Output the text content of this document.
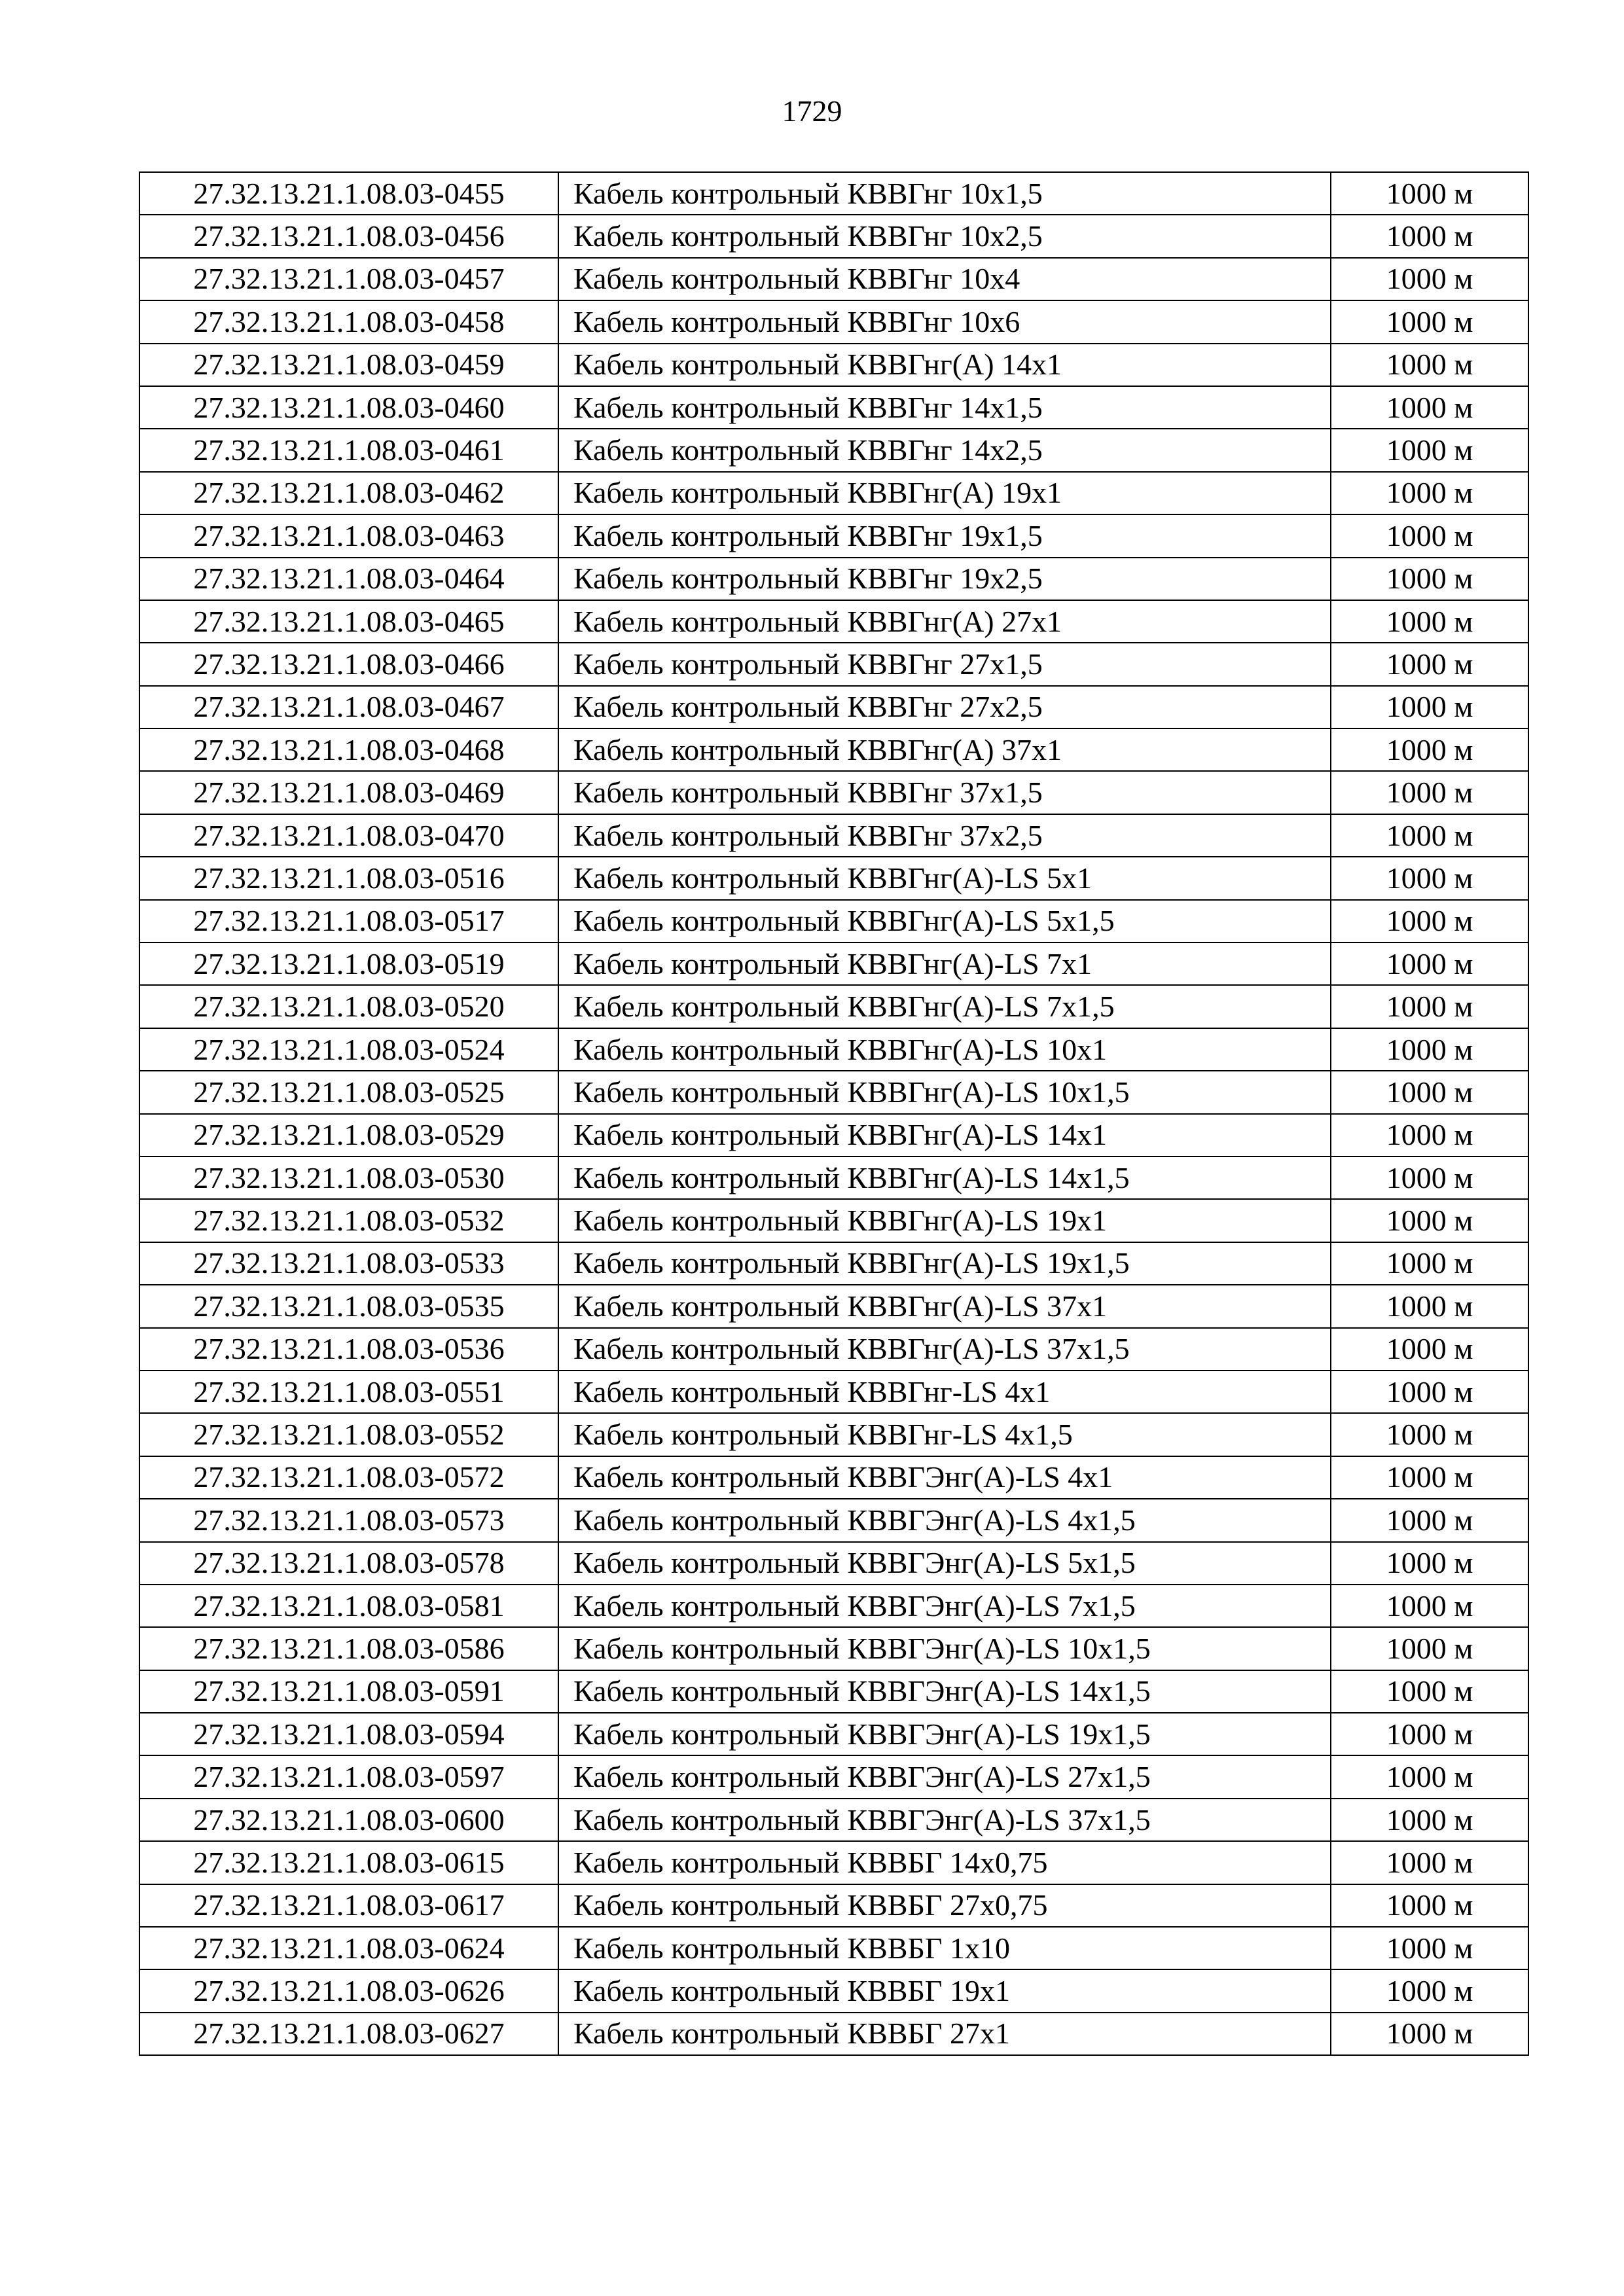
1729
27.32.13.21.1.08.03-0455	Кабель контрольный КВВГнг 10x1,5	1000 м
27.32.13.21.1.08.03-0456	Кабель контрольный КВВГнг 10x2,5	1000 м
27.32.13.21.1.08.03-0457	Кабель контрольный КВВГнг 10x4	1000 м
27.32.13.21.1.08.03-0458	Кабель контрольный КВВГнг 10x6	1000 м
27.32.13.21.1.08.03-0459	Кабель контрольный КВВГнг(А) 14x1	1000 м
27.32.13.21.1.08.03-0460	Кабель контрольный КВВГнг 14x1,5	1000 м
27.32.13.21.1.08.03-0461	Кабель контрольный КВВГнг 14x2,5	1000 м
27.32.13.21.1.08.03-0462	Кабель контрольный КВВГнг(А) 19x1	1000 м
27.32.13.21.1.08.03-0463	Кабель контрольный КВВГнг 19x1,5	1000 м
27.32.13.21.1.08.03-0464	Кабель контрольный КВВГнг 19x2,5	1000 м
27.32.13.21.1.08.03-0465	Кабель контрольный КВВГнг(А) 27x1	1000 м
27.32.13.21.1.08.03-0466	Кабель контрольный КВВГнг 27x1,5	1000 м
27.32.13.21.1.08.03-0467	Кабель контрольный КВВГнг 27x2,5	1000 м
27.32.13.21.1.08.03-0468	Кабель контрольный КВВГнг(А) 37x1	1000 м
27.32.13.21.1.08.03-0469	Кабель контрольный КВВГнг 37x1,5	1000 м
27.32.13.21.1.08.03-0470	Кабель контрольный КВВГнг 37x2,5	1000 м
27.32.13.21.1.08.03-0516	Кабель контрольный КВВГнг(А)-LS 5x1	1000 м
27.32.13.21.1.08.03-0517	Кабель контрольный КВВГнг(А)-LS 5x1,5	1000 м
27.32.13.21.1.08.03-0519	Кабель контрольный КВВГнг(А)-LS 7x1	1000 м
27.32.13.21.1.08.03-0520	Кабель контрольный КВВГнг(А)-LS 7x1,5	1000 м
27.32.13.21.1.08.03-0524	Кабель контрольный КВВГнг(А)-LS 10x1	1000 м
27.32.13.21.1.08.03-0525	Кабель контрольный КВВГнг(А)-LS 10x1,5	1000 м
27.32.13.21.1.08.03-0529	Кабель контрольный КВВГнг(А)-LS 14x1	1000 м
27.32.13.21.1.08.03-0530	Кабель контрольный КВВГнг(А)-LS 14x1,5	1000 м
27.32.13.21.1.08.03-0532	Кабель контрольный КВВГнг(А)-LS 19x1	1000 м
27.32.13.21.1.08.03-0533	Кабель контрольный КВВГнг(А)-LS 19x1,5	1000 м
27.32.13.21.1.08.03-0535	Кабель контрольный КВВГнг(А)-LS 37x1	1000 м
27.32.13.21.1.08.03-0536	Кабель контрольный КВВГнг(А)-LS 37x1,5	1000 м
27.32.13.21.1.08.03-0551	Кабель контрольный КВВГнг-LS 4x1	1000 м
27.32.13.21.1.08.03-0552	Кабель контрольный КВВГнг-LS 4x1,5	1000 м
27.32.13.21.1.08.03-0572	Кабель контрольный КВВГЭнг(А)-LS 4x1	1000 м
27.32.13.21.1.08.03-0573	Кабель контрольный КВВГЭнг(А)-LS 4x1,5	1000 м
27.32.13.21.1.08.03-0578	Кабель контрольный КВВГЭнг(А)-LS 5x1,5	1000 м
27.32.13.21.1.08.03-0581	Кабель контрольный КВВГЭнг(А)-LS 7x1,5	1000 м
27.32.13.21.1.08.03-0586	Кабель контрольный КВВГЭнг(А)-LS 10x1,5	1000 м
27.32.13.21.1.08.03-0591	Кабель контрольный КВВГЭнг(А)-LS 14x1,5	1000 м
27.32.13.21.1.08.03-0594	Кабель контрольный КВВГЭнг(А)-LS 19x1,5	1000 м
27.32.13.21.1.08.03-0597	Кабель контрольный КВВГЭнг(А)-LS 27x1,5	1000 м
27.32.13.21.1.08.03-0600	Кабель контрольный КВВГЭнг(А)-LS 37x1,5	1000 м
27.32.13.21.1.08.03-0615	Кабель контрольный КВВБГ 14x0,75	1000 м
27.32.13.21.1.08.03-0617	Кабель контрольный КВВБГ 27x0,75	1000 м
27.32.13.21.1.08.03-0624	Кабель контрольный КВВБГ 1x10	1000 м
27.32.13.21.1.08.03-0626	Кабель контрольный КВВБГ 19x1	1000 м
27.32.13.21.1.08.03-0627	Кабель контрольный КВВБГ 27x1	1000 м
